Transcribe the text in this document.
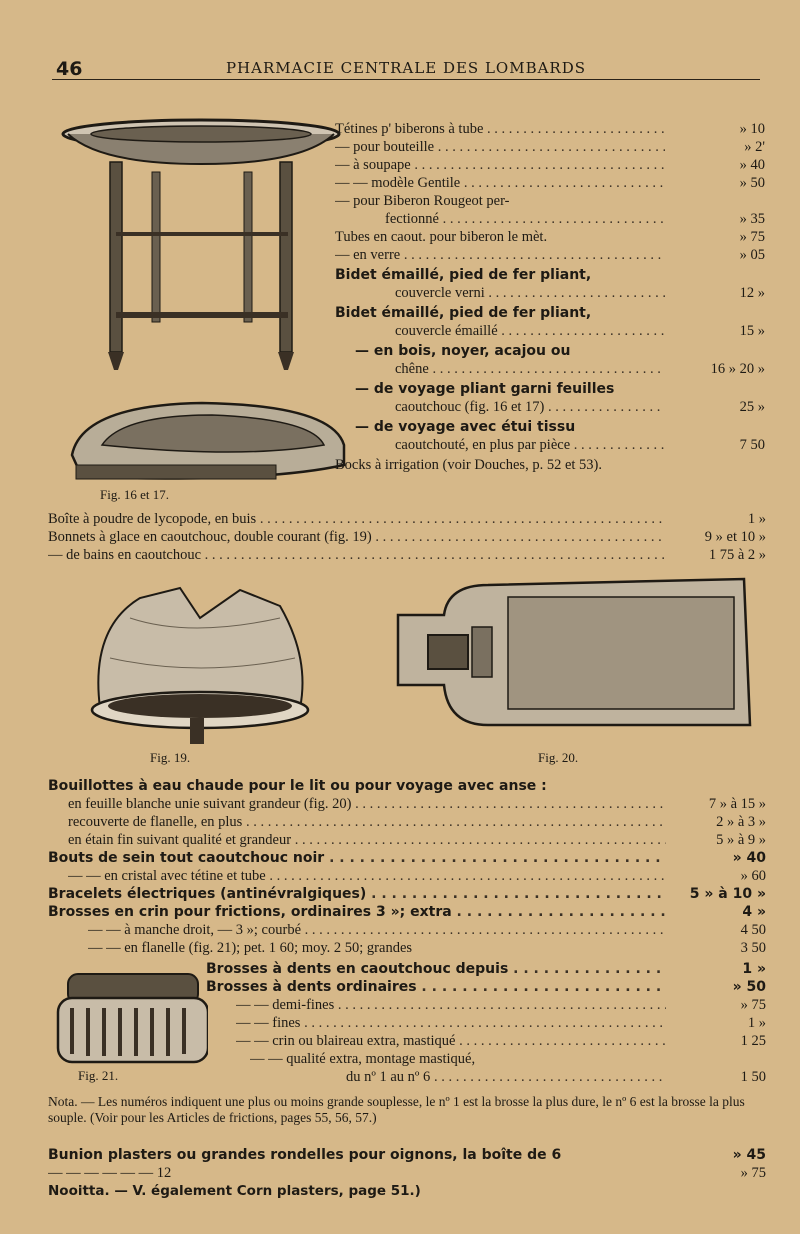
46	PHARMACIE CENTRALE DES LOMBARDS
Fig. 16 et 17.
Tétines p' biberons à tube . . .	» 10
— pour bouteille . . .	» 2'
— à soupape . . .	» 40
— — modèle Gentile . . .	» 50
— pour Biberon Rougeot per-
fectionné . . .	» 35
Tubes en caout. pour biberon le mèt.	» 75
— en verre . . .	» 05
Bidet émaillé, pied de fer pliant,
couvercle verni . . .	12 »
Bidet émaillé, pied de fer pliant,
couvercle émaillé . . .	15 »
— en bois, noyer, acajou ou
chêne . . .	16 » 20 »
— de voyage pliant garni feuilles
caoutchouc (fig. 16 et 17) . . .	25 »
— de voyage avec étui tissu
caoutchouté, en plus par pièce . . .	7 50
Bocks à irrigation (voir Douches, p. 52 et 53).
Boîte à poudre de lycopode, en buis . . .	1 »
Bonnets à glace en caoutchouc, double courant (fig. 19) . . .	9 » et 10 »
— de bains en caoutchouc . . .	1 75 à 2 »
Fig. 19.	Fig. 20.
Bouillottes à eau chaude pour le lit ou pour voyage avec anse :
en feuille blanche unie suivant grandeur (fig. 20) . . .	7 » à 15 »
recouverte de flanelle, en plus . . .	2 » à 3 »
en étain fin suivant qualité et grandeur . . .	5 » à 9 »
Bouts de sein tout caoutchouc noir . . .	» 40
— — en cristal avec tétine et tube . . .	» 60
Bracelets électriques (antinévralgiques) . . .	5 » à 10 »
Brosses en crin pour frictions, ordinaires 3 »; extra . . .	4 »
— — à manche droit, — 3 »; courbé . . .	4 50
— — en flanelle (fig. 21); pet. 1 60; moy. 2 50; grandes	3 50
Fig. 21.
Brosses à dents en caoutchouc depuis . . .	1 »
Brosses à dents ordinaires . . .	» 50
— — demi-fines . . .	» 75
— — fines . . .	1 »
— — crin ou blaireau extra, mastiqué . . .	1 25
— — qualité extra, montage mastiqué,
du nº 1 au nº 6 . . .	1 50
Nota. — Les numéros indiquent une plus ou moins grande souplesse, le nº 1 est la brosse la plus dure, le nº 6 est la brosse la plus souple. (Voir pour les Articles de frictions, pages 55, 56, 57.)
Bunion plasters ou grandes rondelles pour oignons, la boîte de 6	» 45
— — — — — — 12	» 75
Nooitta. — V. également Corn plasters, page 51.)
